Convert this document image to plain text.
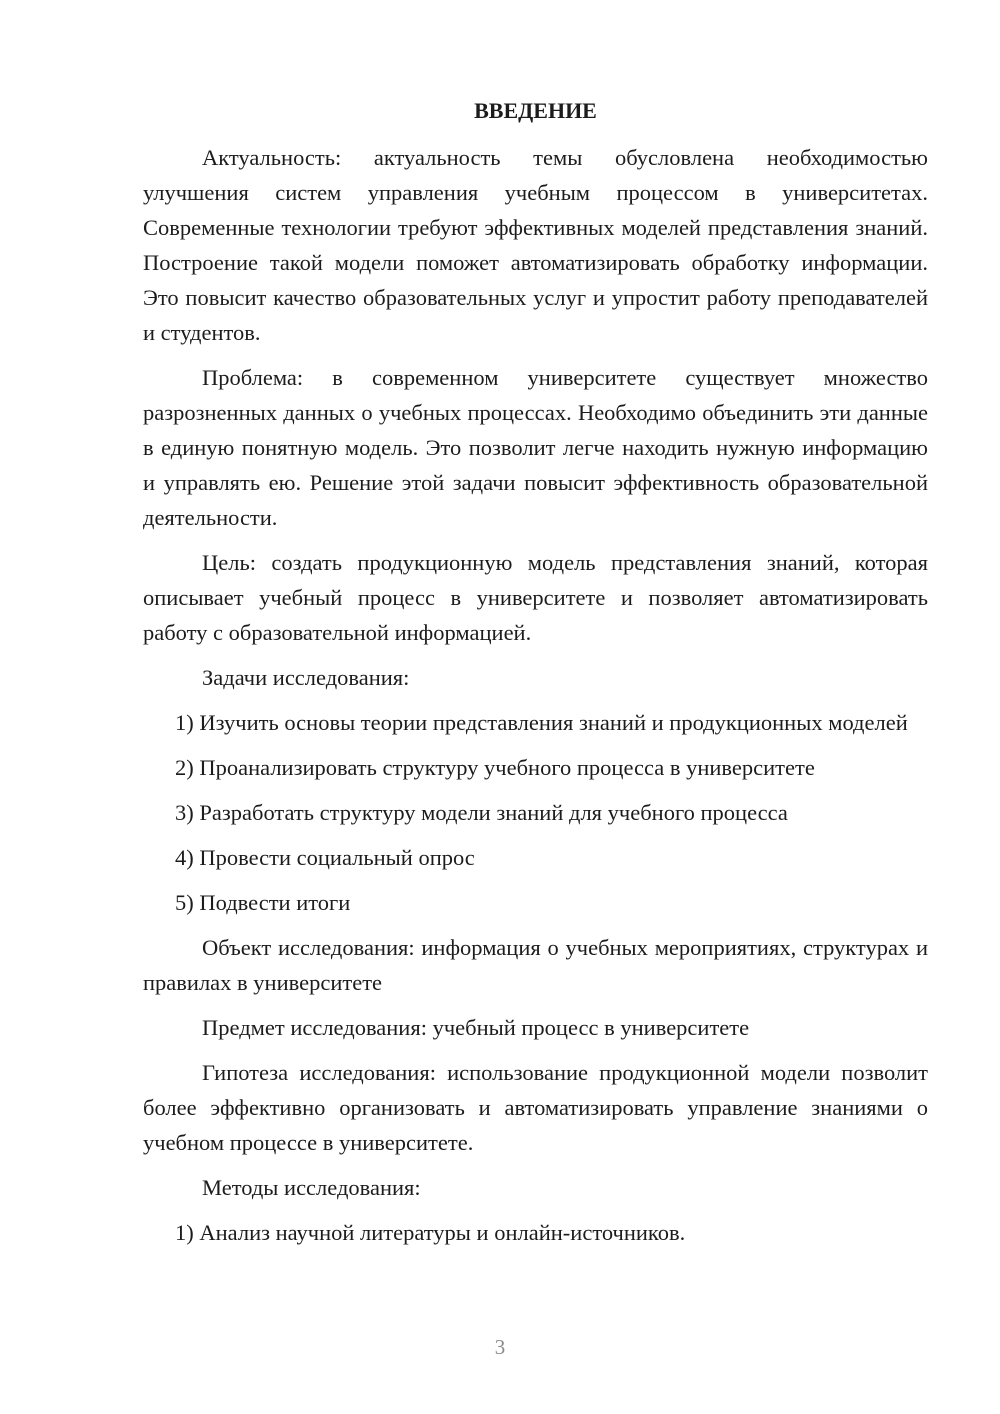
ВВЕДЕНИЕ

Актуальность: актуальность темы обусловлена необходимостью улучшения систем управления учебным процессом в университетах. Современные технологии требуют эффективных моделей представления знаний. Построение такой модели поможет автоматизировать обработку информации. Это повысит качество образовательных услуг и упростит работу преподавателей и студентов.

Проблема: в современном университете существует множество разрозненных данных о учебных процессах. Необходимо объединить эти данные в единую понятную модель. Это позволит легче находить нужную информацию и управлять ею. Решение этой задачи повысит эффективность образовательной деятельности.

Цель: создать продукционную модель представления знаний, которая описывает учебный процесс в университете и позволяет автоматизировать работу с образовательной информацией.

Задачи исследования:

1) Изучить основы теории представления знаний и продукционных моделей

2) Проанализировать структуру учебного процесса в университете

3) Разработать структуру модели знаний для учебного процесса

4) Провести социальный опрос

5) Подвести итоги

Объект исследования: информация о учебных мероприятиях, структурах и правилах в университете

Предмет исследования: учебный процесс в университете

Гипотеза исследования: использование продукционной модели позволит более эффективно организовать и автоматизировать управление знаниями о учебном процессе в университете.

Методы исследования:

1) Анализ научной литературы и онлайн-источников.

3
